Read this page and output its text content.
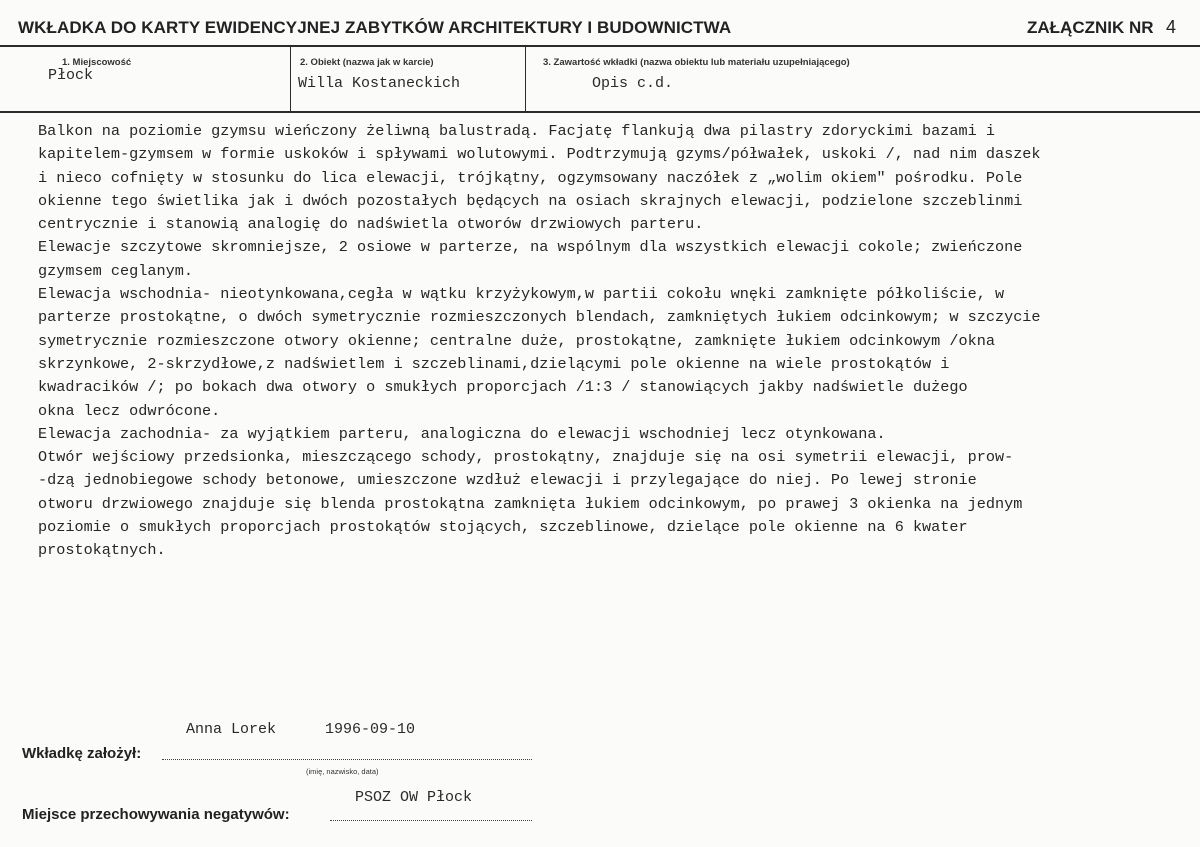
WKŁADKA DO KARTY EWIDENCYJNEJ ZABYTKÓW ARCHITEKTURY I BUDOWNICTWA	ZAŁĄCZNIK NR 4
1. Miejscowość
Płock
2. Obiekt (nazwa jak w karcie)
Willa Kostaneckich
3. Zawartość wkładki (nazwa obiektu lub materiału uzupełniającego)
Opis c.d.
Balkon na poziomie gzymsu wieńczony żeliwną balustradą. Facjatę flankują dwa pilastry zdoryckimi bazami i
kapitelem-gzymsem w formie uskoków i spływami wolutowymi. Podtrzymują gzyms/półwałek, uskoki /, nad nim daszek
i nieco cofnięty w stosunku do lica elewacji, trójkątny, ogzymsowany naczółek z „wolim okiem" pośrodku. Pole
okienne tego świetlika jak i dwóch pozostałych będących na osiach skrajnych elewacji, podzielone szczeblinmi
centrycznie i stanowią analogię do nadświetla otworów drzwiowych parteru.
Elewacje szczytowe skromniejsze, 2 osiowe w parterze, na wspólnym dla wszystkich elewacji cokole; zwieńczone
gzymsem ceglanym.
Elewacja wschodnia- nieotynkowana,cegła w wątku krzyżykowym,w partii cokołu wnęki zamknięte półkoliście, w
parterze prostokątne, o dwóch symetrycznie rozmieszczonych blendach, zamkniętych łukiem odcinkowym; w szczycie
symetrycznie rozmieszczone otwory okienne; centralne duże, prostokątne, zamknięte łukiem odcinkowym /okna
skrzynkowe, 2-skrzydłowe,z nadświetlem i szczeblinami,dzielącymi pole okienne na wiele prostokątów i
kwadracików /; po bokach dwa otwory o smukłych proporcjach /1:3 / stanowiących jakby nadświetle dużego
okna lecz odwrócone.
Elewacja zachodnia- za wyjątkiem parteru, analogiczna do elewacji wschodniej lecz otynkowana.
Otwór wejściowy przedsionka, mieszczącego schody, prostokątny, znajduje się na osi symetrii elewacji, prow-
-dzą jednobiegowe schody betonowe, umieszczone wzdłuż elewacji i przylegające do niej. Po lewej stronie
otworu drzwiowego znajduje się blenda prostokątna zamknięta łukiem odcinkowym, po prawej 3 okienka na jednym
poziomie o smukłych proporcjach prostokątów stojących, szczeblinowe, dzielące pole okienne na 6 kwater
prostokątnych.
Anna Lorek	1996-09-10
Wkładkę założył:
(imię, nazwisko, data)
PSOZ OW Płock
Miejsce przechowywania negatywów:
